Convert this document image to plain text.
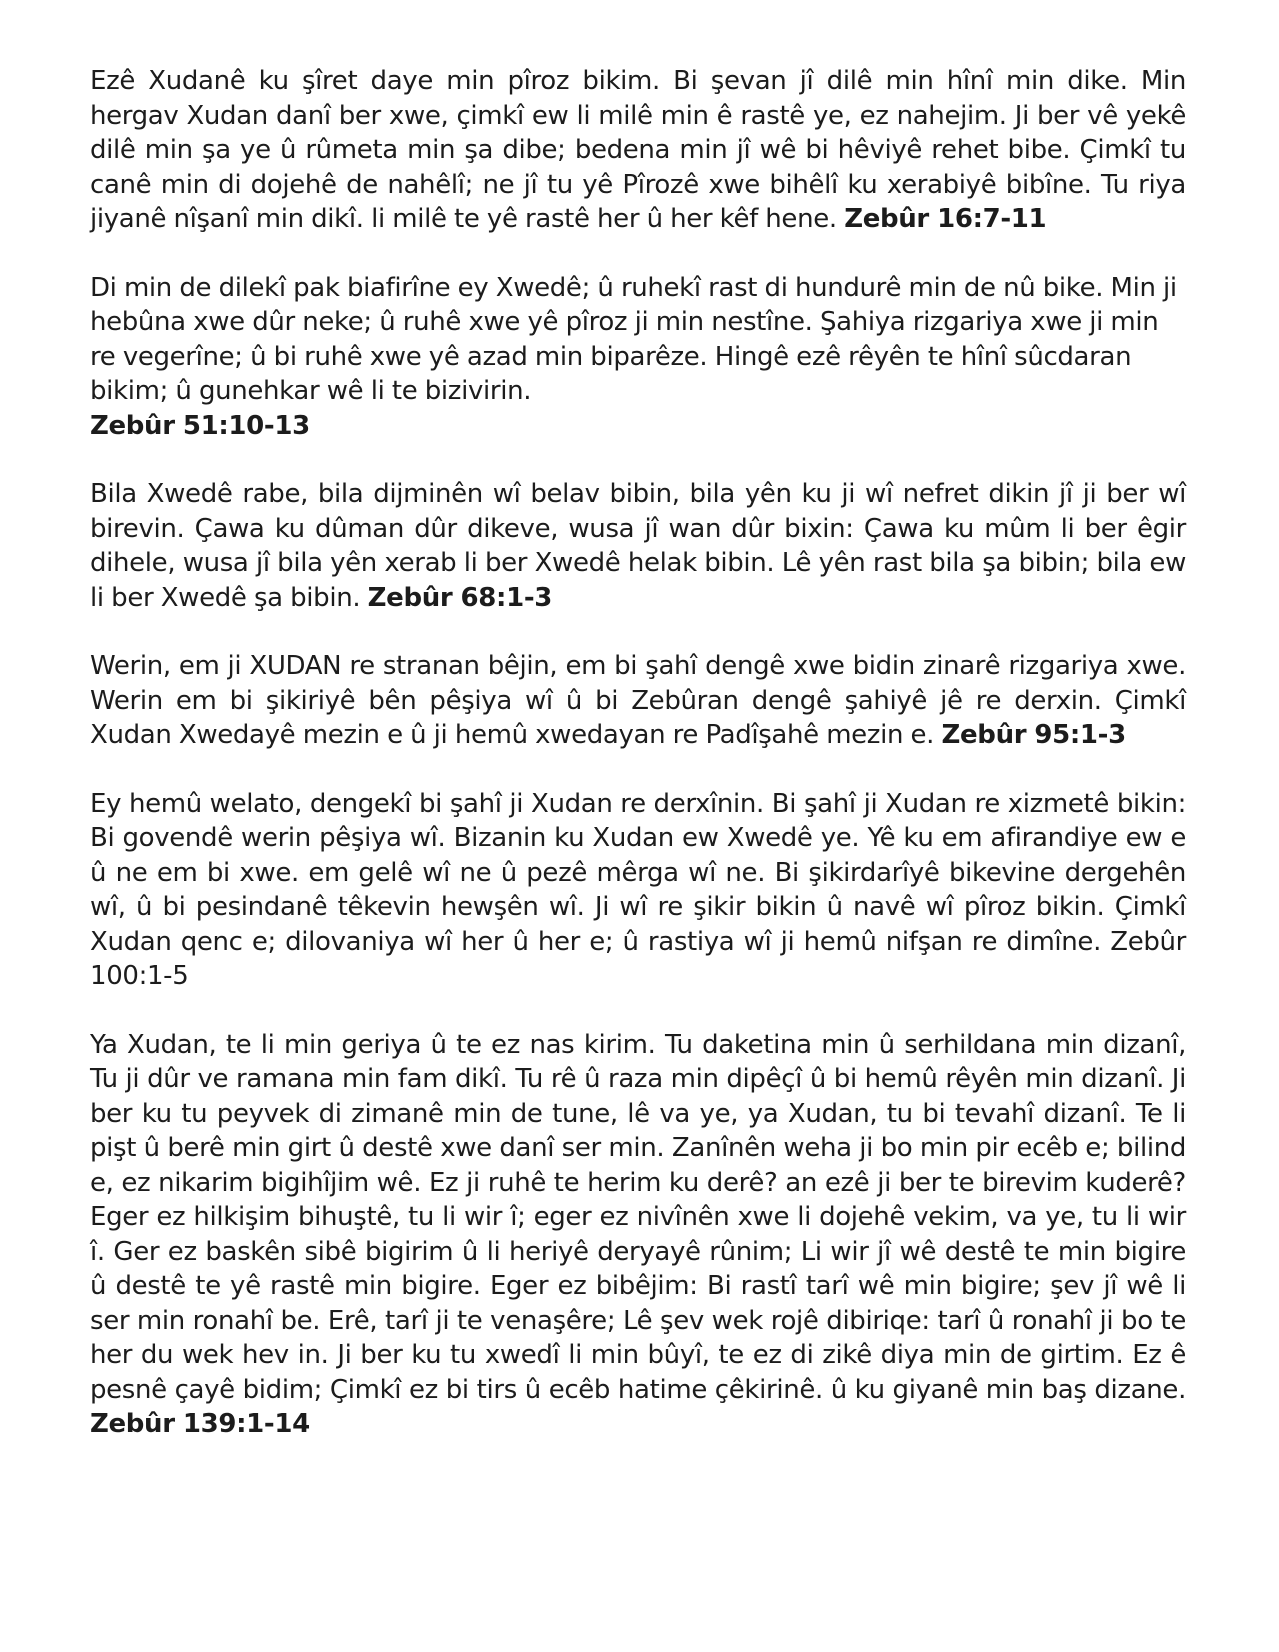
Ezê Xudanê ku şîret daye min pîroz bikim. Bi şevan jî dilê min hînî min dike. Min hergav Xudan danî ber xwe, çimkî ew li milê min ê rastê ye, ez nahejim. Ji ber vê yekê dilê min şa ye û rûmeta min şa dibe; bedena min jî wê bi hêviyê rehet bibe. Çimkî tu canê min di dojehê de nahêlî; ne jî tu yê Pîrozê xwe bihêlî ku xerabiyê bibîne. Tu riya jiyanê nîşanî min dikî. li milê te yê rastê her û her kêf hene. Zebûr 16:7-11

Di min de dilekî pak biafirîne ey Xwedê; û ruhekî rast di hundurê min de nû bike. Min ji hebûna xwe dûr neke; û ruhê xwe yê pîroz ji min nestîne. Şahiya rizgariya xwe ji min re vegerîne; û bi ruhê xwe yê azad min biparêze. Hingê ezê rêyên te hînî sûcdaran bikim; û gunehkar wê li te bizivirin.
Zebûr 51:10-13

Bila Xwedê rabe, bila dijminên wî belav bibin, bila yên ku ji wî nefret dikin jî ji ber wî birevin. Çawa ku dûman dûr dikeve, wusa jî wan dûr bixin: Çawa ku mûm li ber êgir dihele, wusa jî bila yên xerab li ber Xwedê helak bibin. Lê yên rast bila şa bibin; bila ew li ber Xwedê şa bibin. Zebûr 68:1-3

Werin, em ji XUDAN re stranan bêjin, em bi şahî dengê xwe bidin zinarê rizgariya xwe. Werin em bi şikiriyê bên pêşiya wî û bi Zebûran dengê şahiyê jê re derxin. Çimkî Xudan Xwedayê mezin e û ji hemû xwedayan re Padîşahê mezin e. Zebûr 95:1-3

Ey hemû welato, dengekî bi şahî ji Xudan re derxînin. Bi şahî ji Xudan re xizmetê bikin: Bi govendê werin pêşiya wî. Bizanin ku Xudan ew Xwedê ye. Yê ku em afirandiye ew e û ne em bi xwe. em gelê wî ne û pezê mêrga wî ne. Bi şikirdarîyê bikevine dergehên wî, û bi pesindanê têkevin hewşên wî. Ji wî re şikir bikin û navê wî pîroz bikin. Çimkî Xudan qenc e; dilovaniya wî her û her e; û rastiya wî ji hemû nifşan re dimîne. Zebûr 100:1-5

Ya Xudan, te li min geriya û te ez nas kirim. Tu daketina min û serhildana min dizanî, Tu ji dûr ve ramana min fam dikî. Tu rê û raza min dipêçî û bi hemû rêyên min dizanî. Ji ber ku tu peyvek di zimanê min de tune, lê va ye, ya Xudan, tu bi tevahî dizanî. Te li pişt û berê min girt û destê xwe danî ser min. Zanînên weha ji bo min pir ecêb e; bilind e, ez nikarim bigihîjim wê. Ez ji ruhê te herim ku derê? an ezê ji ber te birevim kuderê?Eger ez hilkişim bihuştê, tu li wir î; eger ez nivînên xwe li dojehê vekim, va ye, tu li wir î. Ger ez baskên sibê bigirim û li heriyê deryayê rûnim; Li wir jî wê destê te min bigire û destê te yê rastê min bigire. Eger ez bibêjim: Bi rastî tarî wê min bigire; şev jî wê li ser min ronahî be. Erê, tarî ji te venaşêre; Lê şev wek rojê dibiriqe: tarî û ronahî ji bo te her du wek hev in. Ji ber ku tu xwedî li min bûyî, te ez di zikê diya min de girtim. Ez ê pesnê çayê bidim; Çimkî ez bi tirs û ecêb hatime çêkirinê. û ku giyanê min baş dizane. Zebûr 139:1-14
